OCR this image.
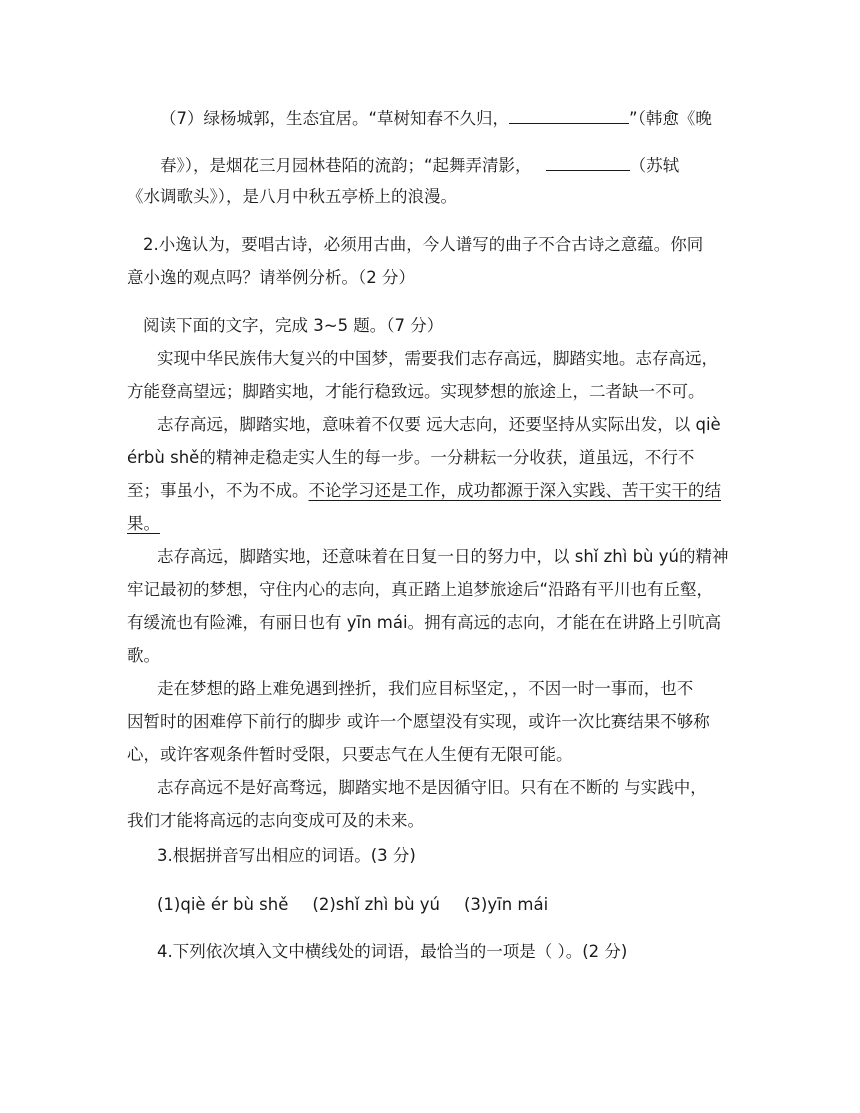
（7）绿杨城郭，生态宜居。“草树知春不久归，	”（韩愈《晚
春》），是烟花三月园林巷陌的流韵；“起舞弄清影，	（苏轼
《水调歌头》），是八月中秋五亭桥上的浪漫。
2.小逸认为，要唱古诗，必须用古曲，今人谱写的曲子不合古诗之意蕴。你同
意小逸的观点吗？请举例分析。（2 分）
阅读下面的文字，完成 3~5 题。（7 分）
实现中华民族伟大复兴的中国梦，需要我们志存高远，脚踏实地。志存高远，
方能登高望远；脚踏实地，才能行稳致远。实现梦想的旅途上，二者缺一不可。
志存高远，脚踏实地，意味着不仅要 远大志向，还要坚持从实际出发，以 qiè
érbù shě的精神走稳走实人生的每一步。一分耕耘一分收获，道虽远，不行不
至；事虽小，不为不成。不论学习还是工作，成功都源于深入实践、苦干实干的结
果。
志存高远，脚踏实地，还意味着在日复一日的努力中，以 shǐ zhì bù yú的精神
牢记最初的梦想，守住内心的志向，真正踏上追梦旅途后“沿路有平川也有丘壑，
有缓流也有险滩，有丽日也有 yīn mái。拥有高远的志向，才能在在讲路上引吭高
歌。
走在梦想的路上难免遇到挫折，我们应目标坚定，，不因一时一事而，也不
因暂时的困难停下前行的脚步 或许一个愿望没有实现，或许一次比赛结果不够称
心，或许客观条件暂时受限，只要志气在人生便有无限可能。
志存高远不是好高骛远，脚踏实地不是因循守旧。只有在不断的 与实践中，
我们才能将高远的志向变成可及的未来。
3.根据拼音写出相应的词语。(3 分)
(1)qiè ér bù shě (2)shǐ zhì bù yú (3)yīn mái
4.下列依次填入文中横线处的词语，最恰当的一项是（ ）。(2 分)
